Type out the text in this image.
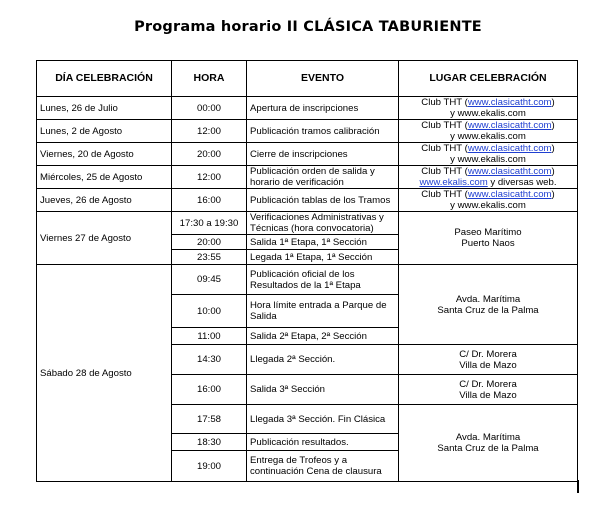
Programa horario II CLÁSICA TABURIENTE
DÍA CELEBRACIÓN	HORA	EVENTO	LUGAR CELEBRACIÓN
Lunes, 26 de Julio	00:00	Apertura de inscripciones	Club THT (www.clasicatht.com)
y www.ekalis.com
Lunes, 2 de Agosto	12:00	Publicación tramos calibración	Club THT (www.clasicatht.com)
y www.ekalis.com
Viernes, 20 de Agosto	20:00	Cierre de inscripciones	Club THT (www.clasicatht.com)
y www.ekalis.com
Miércoles, 25 de Agosto	12:00	Publicación orden de salida y horario de verificación	Club THT (www.clasicatht.com)
www.ekalis.com y diversas web.
Jueves, 26 de Agosto	16:00	Publicación tablas de los Tramos	Club THT (www.clasicatht.com)
y www.ekalis.com
Viernes 27 de Agosto	17:30 a 19:30	Verificaciones Administrativas y Técnicas (hora convocatoria)	Paseo Marítimo
Puerto Naos
	20:00	Salida 1ª Etapa, 1ª Sección	
	23:55	Legada 1ª Etapa, 1ª Sección	
Sábado 28 de Agosto	09:45	Publicación oficial de los Resultados de la 1ª Etapa	Avda. Marítima
Santa Cruz de la Palma
	10:00	Hora límite entrada a Parque de Salida	
	11:00	Salida 2ª Etapa, 2ª Sección	
	14:30	Llegada 2ª Sección.	C/ Dr. Morera
Villa de Mazo
	16:00	Salida 3ª Sección	C/ Dr. Morera
Villa de Mazo
	17:58	Llegada 3ª Sección. Fin Clásica	Avda. Marítima
Santa Cruz de la Palma
	18:30	Publicación resultados.	
	19:00	Entrega de Trofeos y a continuación Cena de clausura	
